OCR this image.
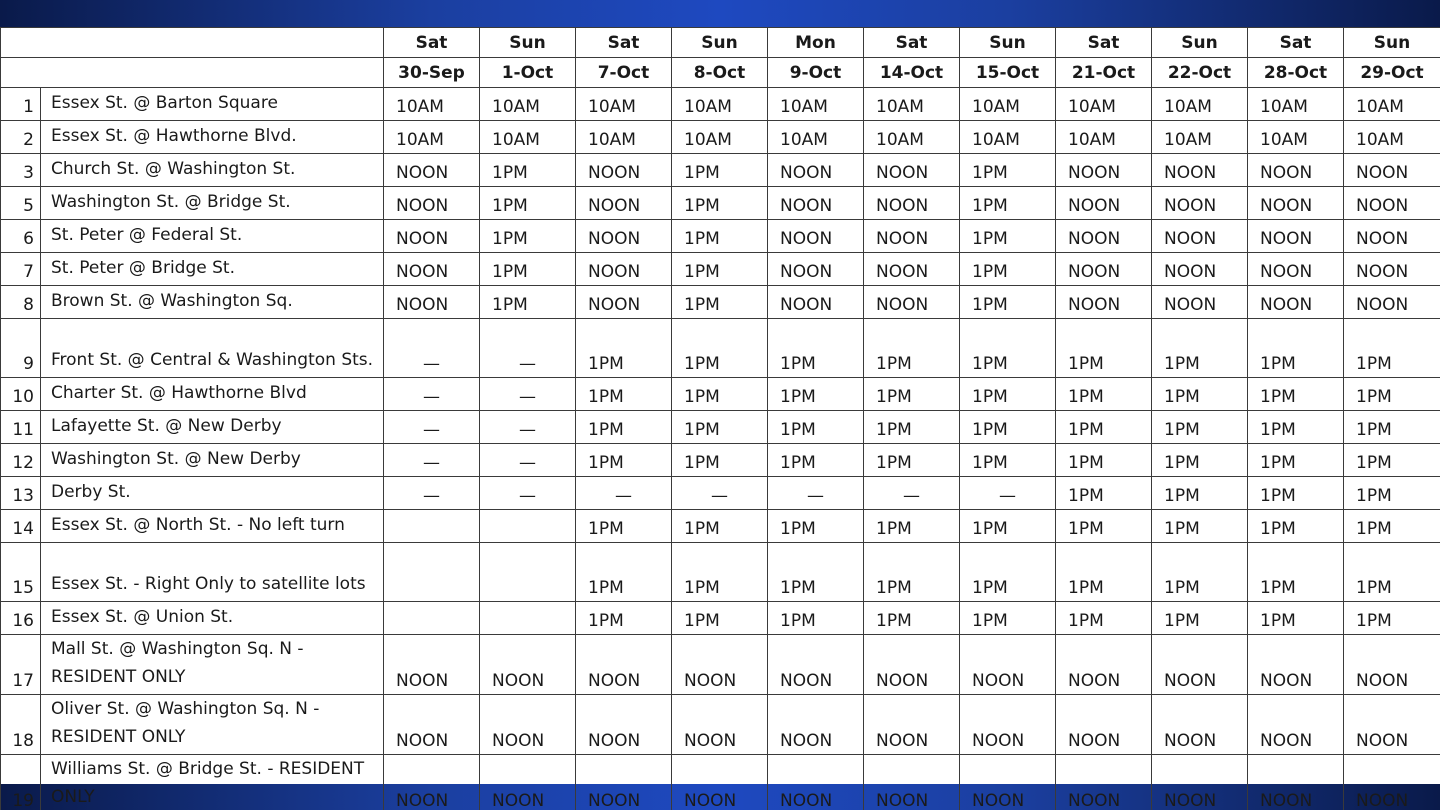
		Sat	Sun	Sat	Sun	Mon	Sat	Sun	Sat	Sun	Sat	Sun
		30-Sep	1-Oct	7-Oct	8-Oct	9-Oct	14-Oct	15-Oct	21-Oct	22-Oct	28-Oct	29-Oct
1	Essex St. @ Barton Square	10AM	10AM	10AM	10AM	10AM	10AM	10AM	10AM	10AM	10AM	10AM
2	Essex St. @ Hawthorne Blvd.	10AM	10AM	10AM	10AM	10AM	10AM	10AM	10AM	10AM	10AM	10AM
3	Church St. @ Washington St.	NOON	1PM	NOON	1PM	NOON	NOON	1PM	NOON	NOON	NOON	NOON
5	Washington St. @ Bridge St.	NOON	1PM	NOON	1PM	NOON	NOON	1PM	NOON	NOON	NOON	NOON
6	St. Peter @ Federal St.	NOON	1PM	NOON	1PM	NOON	NOON	1PM	NOON	NOON	NOON	NOON
7	St. Peter @ Bridge St.	NOON	1PM	NOON	1PM	NOON	NOON	1PM	NOON	NOON	NOON	NOON
8	Brown St. @ Washington Sq.	NOON	1PM	NOON	1PM	NOON	NOON	1PM	NOON	NOON	NOON	NOON
9	Front St. @ Central & Washington Sts.	—	—	1PM	1PM	1PM	1PM	1PM	1PM	1PM	1PM	1PM
10	Charter St. @ Hawthorne Blvd	—	—	1PM	1PM	1PM	1PM	1PM	1PM	1PM	1PM	1PM
11	Lafayette St. @ New Derby	—	—	1PM	1PM	1PM	1PM	1PM	1PM	1PM	1PM	1PM
12	Washington St. @ New Derby	—	—	1PM	1PM	1PM	1PM	1PM	1PM	1PM	1PM	1PM
13	Derby St.	—	—	—	—	—	—	—	1PM	1PM	1PM	1PM
14	Essex St. @ North St. - No left turn			1PM	1PM	1PM	1PM	1PM	1PM	1PM	1PM	1PM
15	Essex St. - Right Only to satellite lots			1PM	1PM	1PM	1PM	1PM	1PM	1PM	1PM	1PM
16	Essex St. @ Union St.			1PM	1PM	1PM	1PM	1PM	1PM	1PM	1PM	1PM
17	Mall St. @ Washington Sq. N - RESIDENT ONLY	NOON	NOON	NOON	NOON	NOON	NOON	NOON	NOON	NOON	NOON	NOON
18	Oliver St. @ Washington Sq. N - RESIDENT ONLY	NOON	NOON	NOON	NOON	NOON	NOON	NOON	NOON	NOON	NOON	NOON
19	Williams St. @ Bridge St. - RESIDENT ONLY	NOON	NOON	NOON	NOON	NOON	NOON	NOON	NOON	NOON	NOON	NOON
